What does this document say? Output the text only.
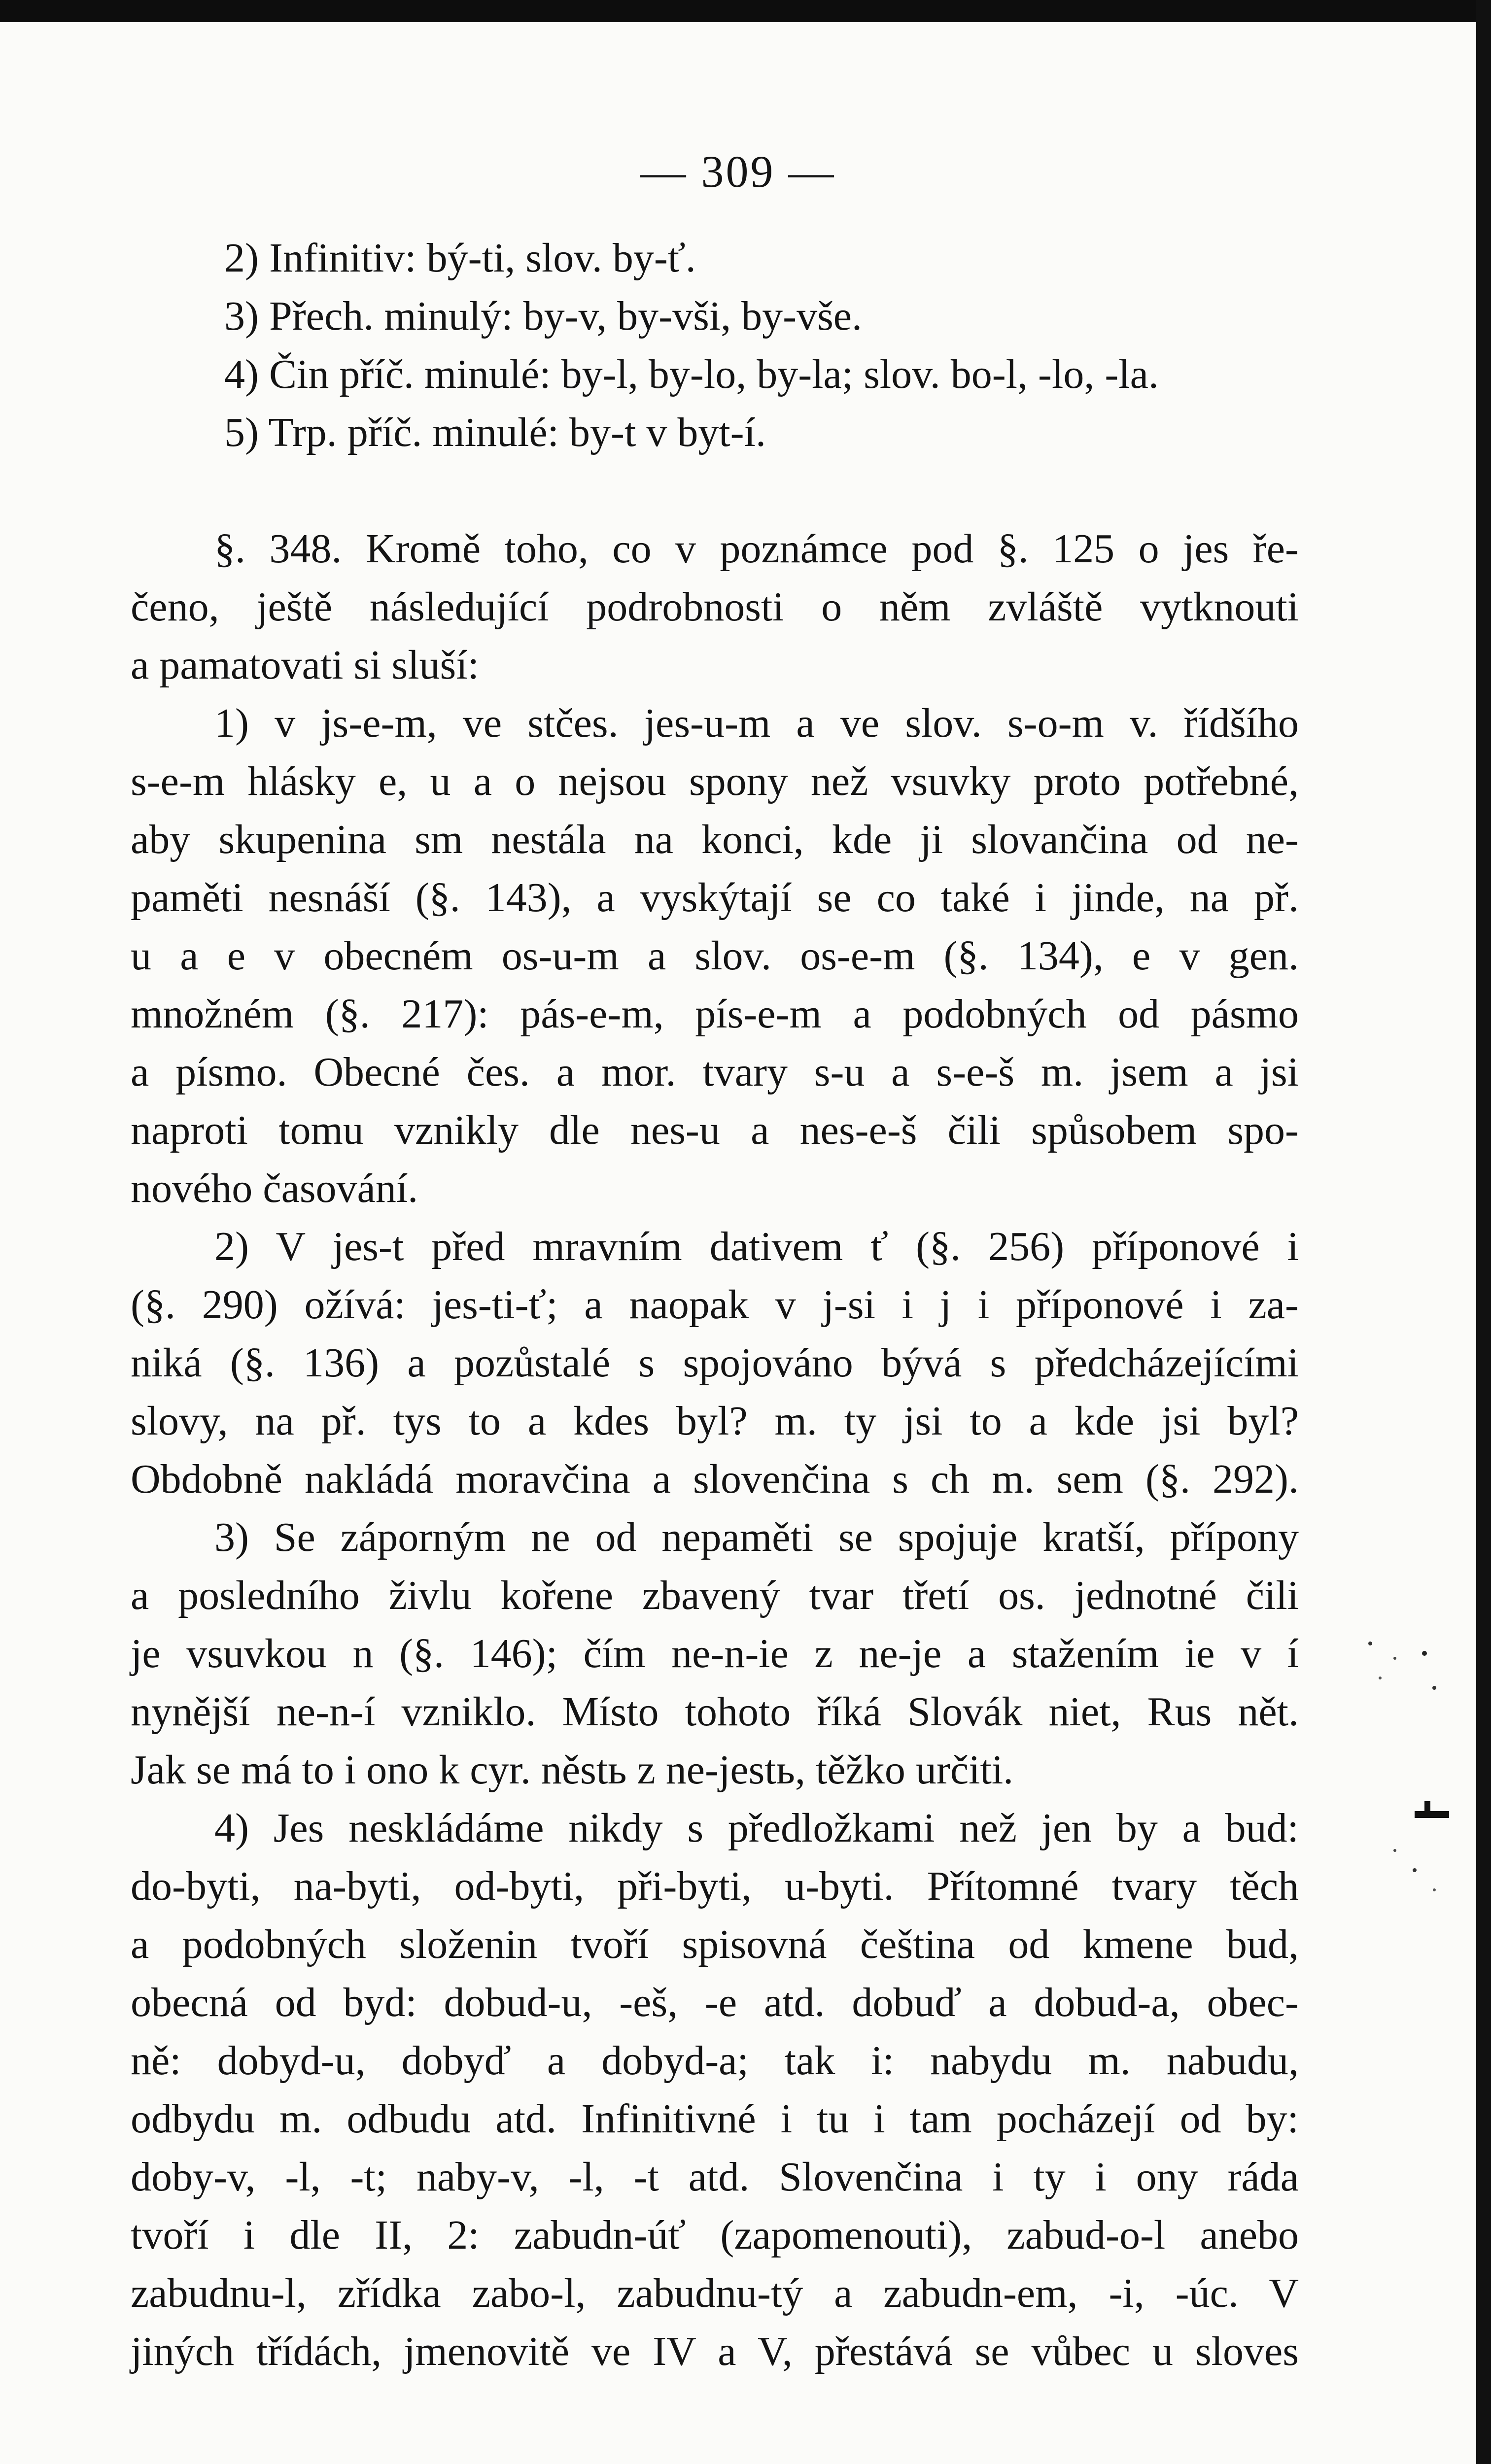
— 309 —
2) Infinitiv: bý-ti, slov. by-ť.
3) Přech. minulý: by-v, by-vši, by-vše.
4) Čin příč. minulé: by-l, by-lo, by-la; slov. bo-l, -lo, -la.
5) Trp. příč. minulé: by-t v byt-í.
§. 348. Kromě toho, co v poznámce pod §. 125 o jes ře-
čeno, ještě následující podrobnosti o něm zvláště vytknouti
a pamatovati si sluší:
1) v js-e-m, ve stčes. jes-u-m a ve slov. s-o-m v. řídšího
s-e-m hlásky e, u a o nejsou spony než vsuvky proto potřebné,
aby skupenina sm nestála na konci, kde ji slovančina od ne-
paměti nesnáší (§. 143), a vyskýtají se co také i jinde, na př.
u a e v obecném os-u-m a slov. os-e-m (§. 134), e v gen.
množném (§. 217): pás-e-m, pís-e-m a podobných od pásmo
a písmo. Obecné čes. a mor. tvary s-u a s-e-š m. jsem a jsi
naproti tomu vznikly dle nes-u a nes-e-š čili spůsobem spo-
nového časování.
2) V jes-t před mravním dativem ť (§. 256) příponové i
(§. 290) ožívá: jes-ti-ť; a naopak v j-si i j i příponové i za-
niká (§. 136) a pozůstalé s spojováno bývá s předcházejícími
slovy, na př. tys to a kdes byl? m. ty jsi to a kde jsi byl?
Obdobně nakládá moravčina a slovenčina s ch m. sem (§. 292).
3) Se záporným ne od nepaměti se spojuje kratší, přípony
a posledního živlu kořene zbavený tvar třetí os. jednotné čili
je vsuvkou n (§. 146); čím ne-n-ie z ne-je a stažením ie v í
nynější ne-n-í vzniklo. Místo tohoto říká Slovák niet, Rus nět.
Jak se má to i ono k cyr. něstь z ne-jestь, těžko určiti.
4) Jes neskládáme nikdy s předložkami než jen by a bud:
do-byti, na-byti, od-byti, při-byti, u-byti. Přítomné tvary těch
a podobných složenin tvoří spisovná čeština od kmene bud,
obecná od byd: dobud-u, -eš, -e atd. dobuď a dobud-a, obec-
ně: dobyd-u, dobyď a dobyd-a; tak i: nabydu m. nabudu,
odbydu m. odbudu atd. Infinitivné i tu i tam pocházejí od by:
doby-v, -l, -t; naby-v, -l, -t atd. Slovenčina i ty i ony ráda
tvoří i dle II, 2: zabudn-úť (zapomenouti), zabud-o-l anebo
zabudnu-l, zřídka zabo-l, zabudnu-tý a zabudn-em, -i, -úc. V
jiných třídách, jmenovitě ve IV a V, přestává se vůbec u sloves
